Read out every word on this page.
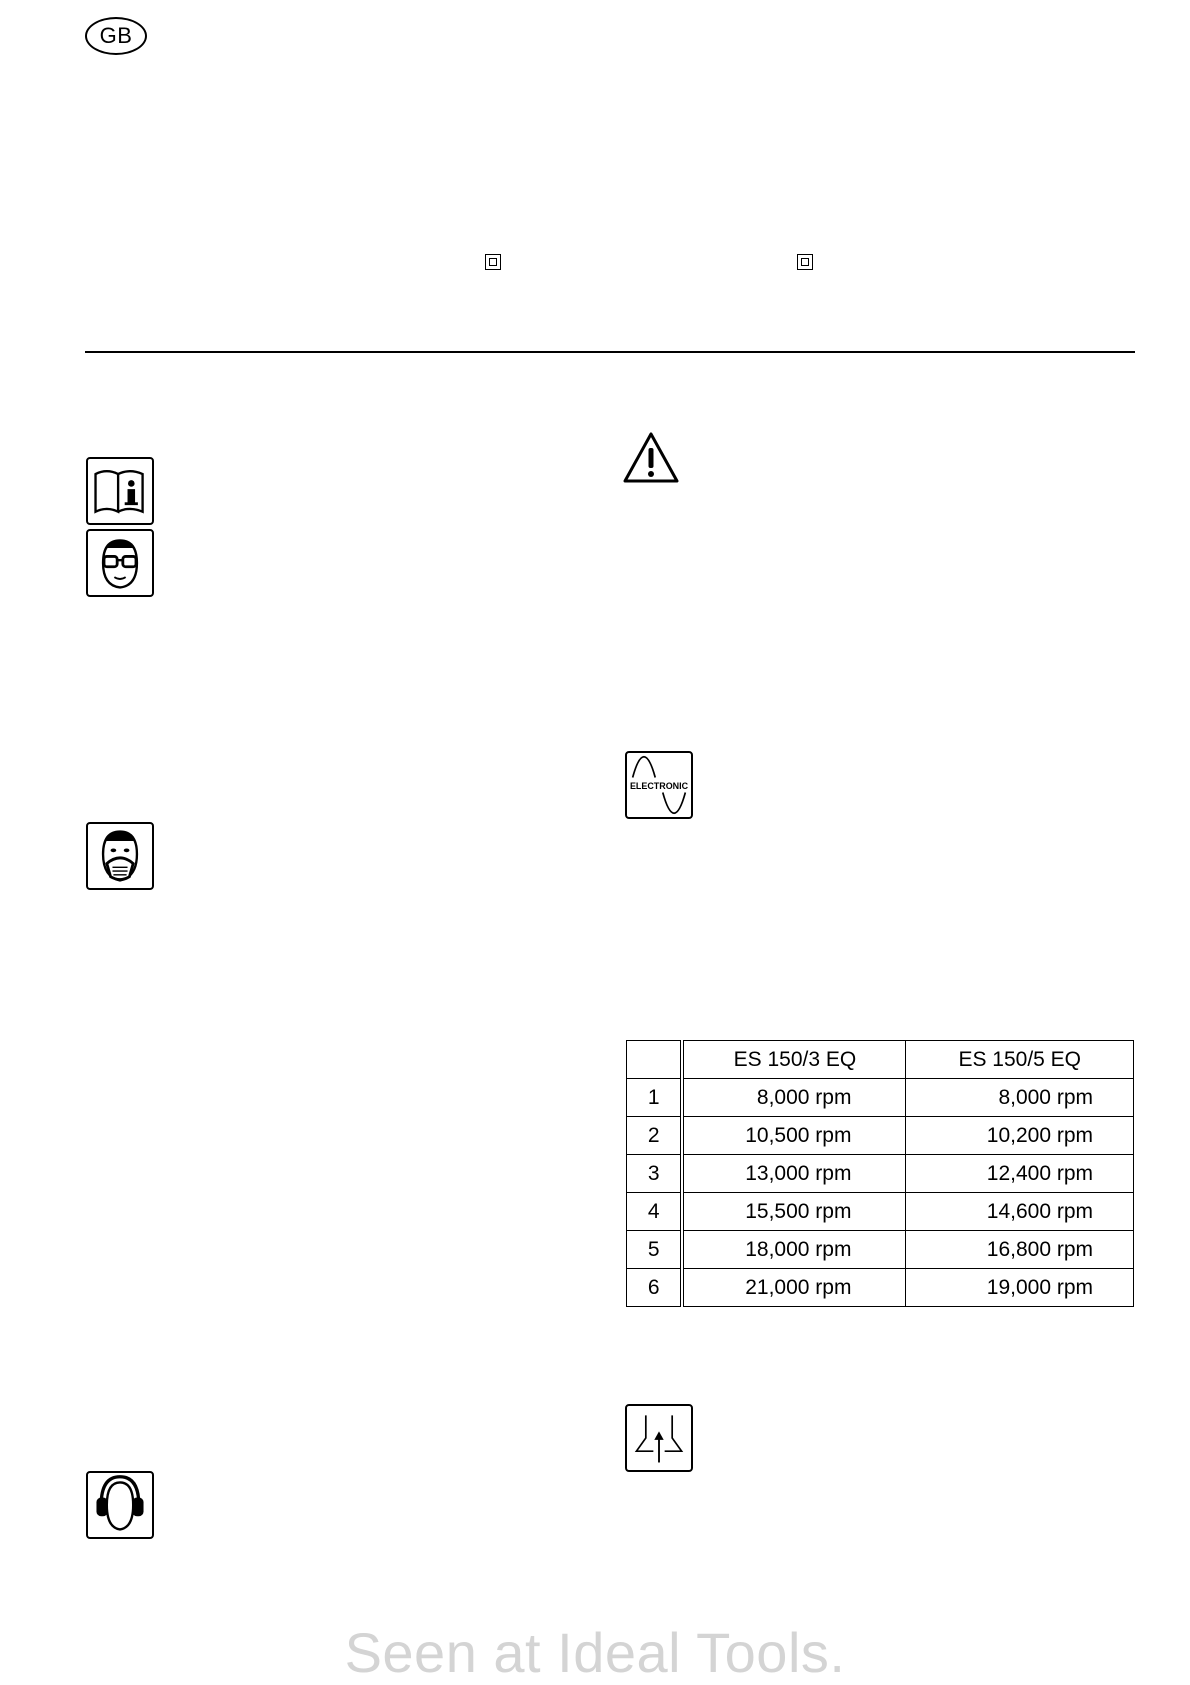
GB
ELECTRONIC
	ES 150/3 EQ	ES 150/5 EQ
1	8,000 rpm	8,000 rpm
2	10,500 rpm	10,200 rpm
3	13,000 rpm	12,400 rpm
4	15,500 rpm	14,600 rpm
5	18,000 rpm	16,800 rpm
6	21,000 rpm	19,000 rpm
Seen at Ideal Tools.
